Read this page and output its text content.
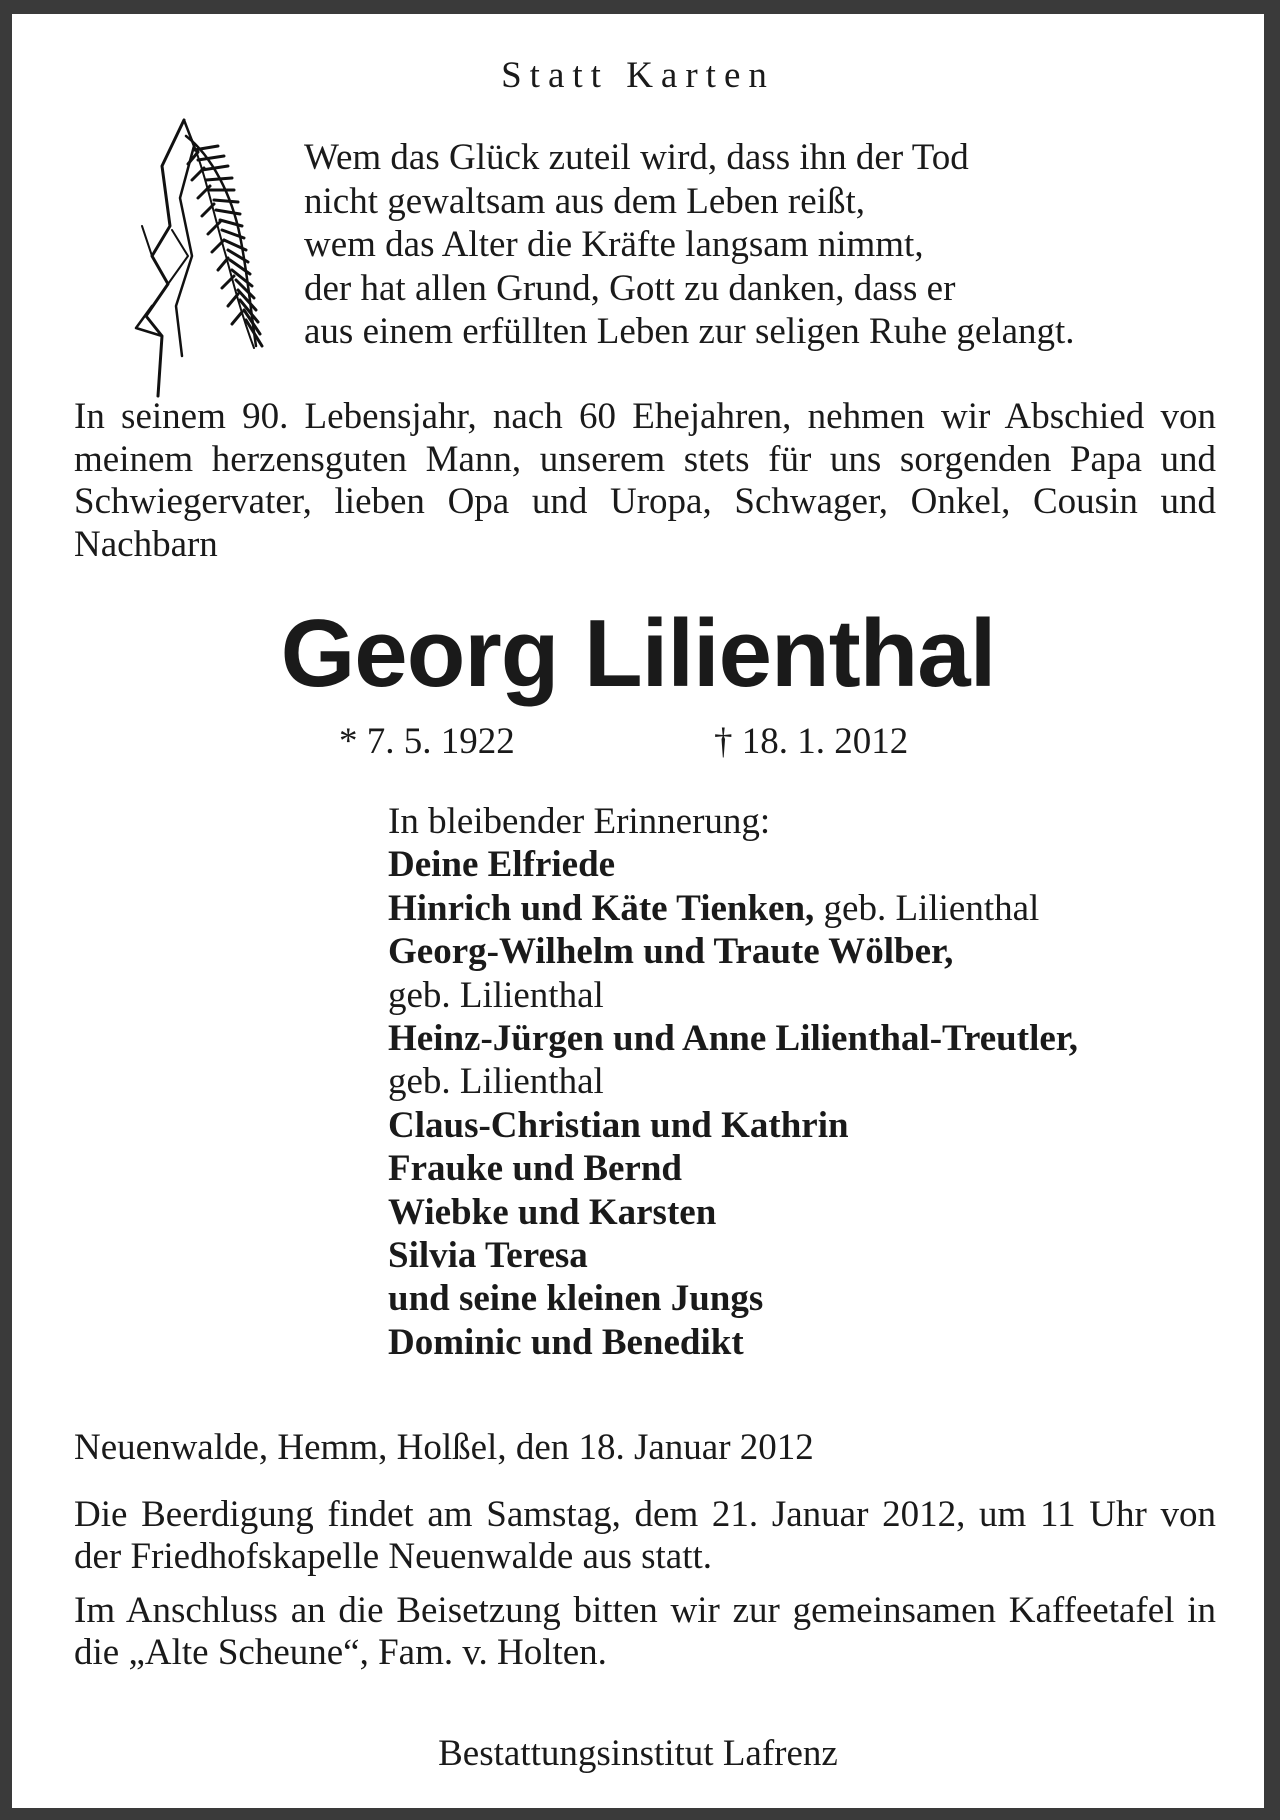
Statt Karten
Wem das Glück zuteil wird, dass ihn der Tod
nicht gewaltsam aus dem Leben reißt,
wem das Alter die Kräfte langsam nimmt,
der hat allen Grund, Gott zu danken, dass er
aus einem erfüllten Leben zur seligen Ruhe gelangt.
In seinem 90. Lebensjahr, nach 60 Ehejahren, nehmen wir Abschied von meinem herzensguten Mann, unserem stets für uns sorgenden Papa und Schwiegervater, lieben Opa und Uropa, Schwager, Onkel, Cousin und Nachbarn
Georg Lilienthal
* 7. 5. 1922	† 18. 1. 2012
In bleibender Erinnerung:
Deine Elfriede
Hinrich und Käte Tienken, geb. Lilienthal
Georg-Wilhelm und Traute Wölber,
geb. Lilienthal
Heinz-Jürgen und Anne Lilienthal-Treutler,
geb. Lilienthal
Claus-Christian und Kathrin
Frauke und Bernd
Wiebke und Karsten
Silvia Teresa
und seine kleinen Jungs
Dominic und Benedikt
Neuenwalde, Hemm, Holßel, den 18. Januar 2012
Die Beerdigung findet am Samstag, dem 21. Januar 2012, um 11 Uhr von der Friedhofskapelle Neuenwalde aus statt.
Im Anschluss an die Beisetzung bitten wir zur gemeinsamen Kaffeetafel in die „Alte Scheune“, Fam. v. Holten.
Bestattungsinstitut Lafrenz
